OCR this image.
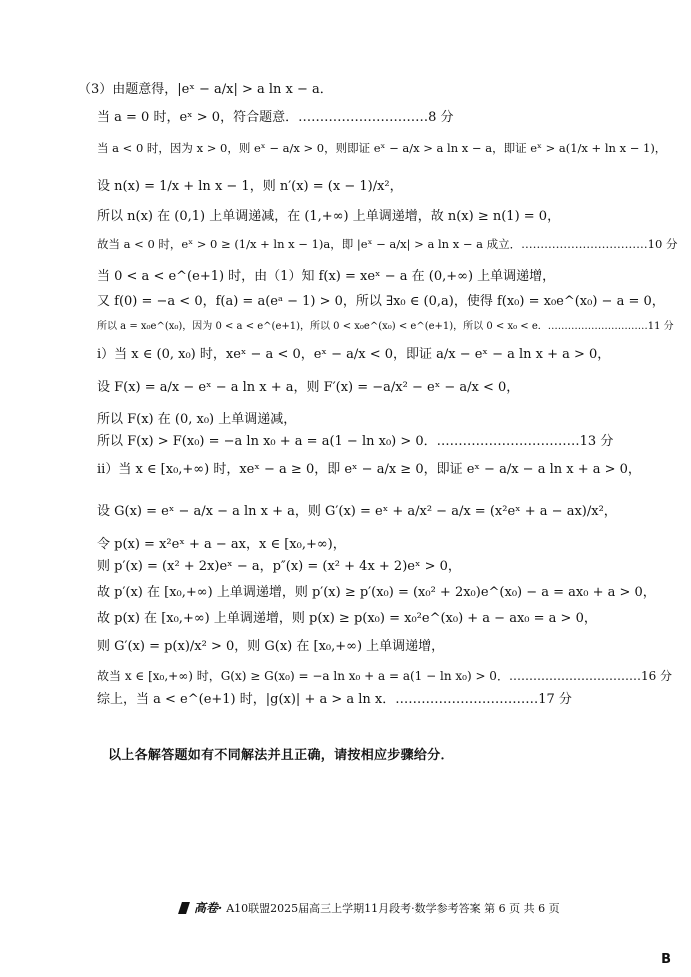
（3）由题意得，|eˣ − a/x| > a ln x − a．
当 a = 0 时，eˣ > 0，符合题意．…………………………8 分
当 a < 0 时，因为 x > 0，则 eˣ − a/x > 0，则即证 eˣ − a/x > a ln x − a，即证 eˣ > a(1/x + ln x − 1)，
设 n(x) = 1/x + ln x − 1，则 n′(x) = (x − 1)/x²，
所以 n(x) 在 (0,1) 上单调递减，在 (1,+∞) 上单调递增，故 n(x) ≥ n(1) = 0，
故当 a < 0 时，eˣ > 0 ≥ (1/x + ln x − 1)a，即 |eˣ − a/x| > a ln x − a 成立．……………………………10 分
当 0 < a < e^(e+1) 时，由（1）知 f(x) = xeˣ − a 在 (0,+∞) 上单调递增，
又 f(0) = −a < 0，f(a) = a(eᵃ − 1) > 0，所以 ∃x₀ ∈ (0,a)，使得 f(x₀) = x₀e^(x₀) − a = 0，
所以 a = x₀e^(x₀)，因为 0 < a < e^(e+1)，所以 0 < x₀e^(x₀) < e^(e+1)，所以 0 < x₀ < e．…………………………11 分
i）当 x ∈ (0, x₀) 时，xeˣ − a < 0，eˣ − a/x < 0，即证 a/x − eˣ − a ln x + a > 0，
设 F(x) = a/x − eˣ − a ln x + a，则 F′(x) = −a/x² − eˣ − a/x < 0，
所以 F(x) 在 (0, x₀) 上单调递减，
所以 F(x) > F(x₀) = −a ln x₀ + a = a(1 − ln x₀) > 0．……………………………13 分
ii）当 x ∈ [x₀,+∞) 时，xeˣ − a ≥ 0，即 eˣ − a/x ≥ 0，即证 eˣ − a/x − a ln x + a > 0，
设 G(x) = eˣ − a/x − a ln x + a，则 G′(x) = eˣ + a/x² − a/x = (x²eˣ + a − ax)/x²，
令 p(x) = x²eˣ + a − ax，x ∈ [x₀,+∞)，
则 p′(x) = (x² + 2x)eˣ − a，p″(x) = (x² + 4x + 2)eˣ > 0，
故 p′(x) 在 [x₀,+∞) 上单调递增，则 p′(x) ≥ p′(x₀) = (x₀² + 2x₀)e^(x₀) − a = ax₀ + a > 0，
故 p(x) 在 [x₀,+∞) 上单调递增，则 p(x) ≥ p(x₀) = x₀²e^(x₀) + a − ax₀ = a > 0，
则 G′(x) = p(x)/x² > 0，则 G(x) 在 [x₀,+∞) 上单调递增，
故当 x ∈ [x₀,+∞) 时，G(x) ≥ G(x₀) = −a ln x₀ + a = a(1 − ln x₀) > 0．……………………………16 分
综上，当 a < e^(e+1) 时，|g(x)| + a > a ln x．……………………………17 分
以上各解答题如有不同解法并且正确，请按相应步骤给分．
高卷· A10联盟2025届高三上学期11月段考·数学参考答案 第 6 页 共 6 页
B
